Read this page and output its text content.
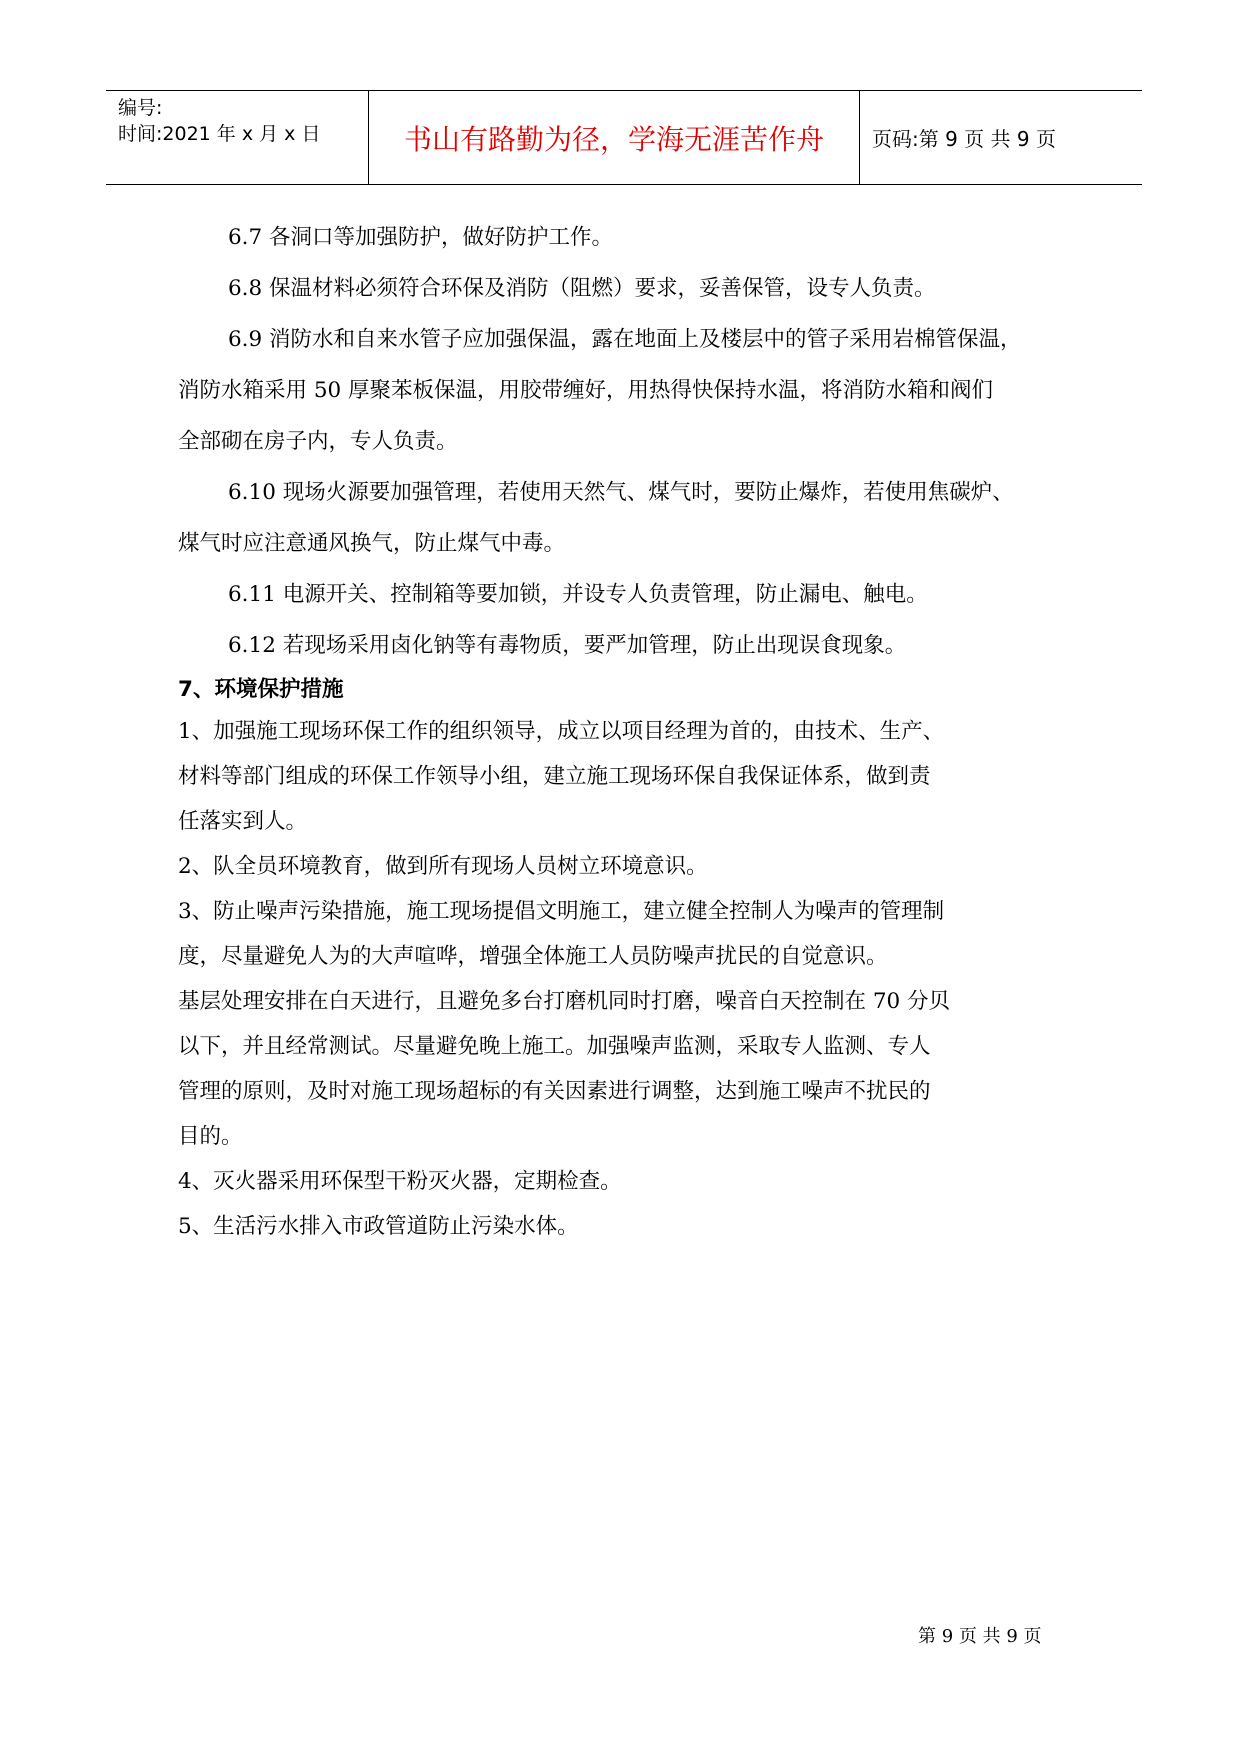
编号:
时间:2021 年 x 月 x 日	书山有路勤为径，学海无涯苦作舟	页码:第 9 页 共 9 页

6.7 各洞口等加强防护，做好防护工作。

6.8 保温材料必须符合环保及消防（阻燃）要求，妥善保管，设专人负责。

6.9 消防水和自来水管子应加强保温，露在地面上及楼层中的管子采用岩棉管保温，

消防水箱采用 50 厚聚苯板保温，用胶带缠好，用热得快保持水温，将消防水箱和阀们

全部砌在房子内，专人负责。

6.10 现场火源要加强管理，若使用天然气、煤气时，要防止爆炸，若使用焦碳炉、

煤气时应注意通风换气，防止煤气中毒。

6.11 电源开关、控制箱等要加锁，并设专人负责管理，防止漏电、触电。

6.12 若现场采用卤化钠等有毒物质，要严加管理，防止出现误食现象。

7、环境保护措施

1、加强施工现场环保工作的组织领导，成立以项目经理为首的，由技术、生产、

材料等部门组成的环保工作领导小组，建立施工现场环保自我保证体系，做到责

任落实到人。

2、队全员环境教育，做到所有现场人员树立环境意识。

3、防止噪声污染措施，施工现场提倡文明施工，建立健全控制人为噪声的管理制

度，尽量避免人为的大声喧哗，增强全体施工人员防噪声扰民的自觉意识。

基层处理安排在白天进行，且避免多台打磨机同时打磨，噪音白天控制在 70 分贝

以下，并且经常测试。尽量避免晚上施工。加强噪声监测，采取专人监测、专人

管理的原则，及时对施工现场超标的有关因素进行调整，达到施工噪声不扰民的

目的。

4、灭火器采用环保型干粉灭火器，定期检查。

5、生活污水排入市政管道防止污染水体。

第 9 页 共 9 页
